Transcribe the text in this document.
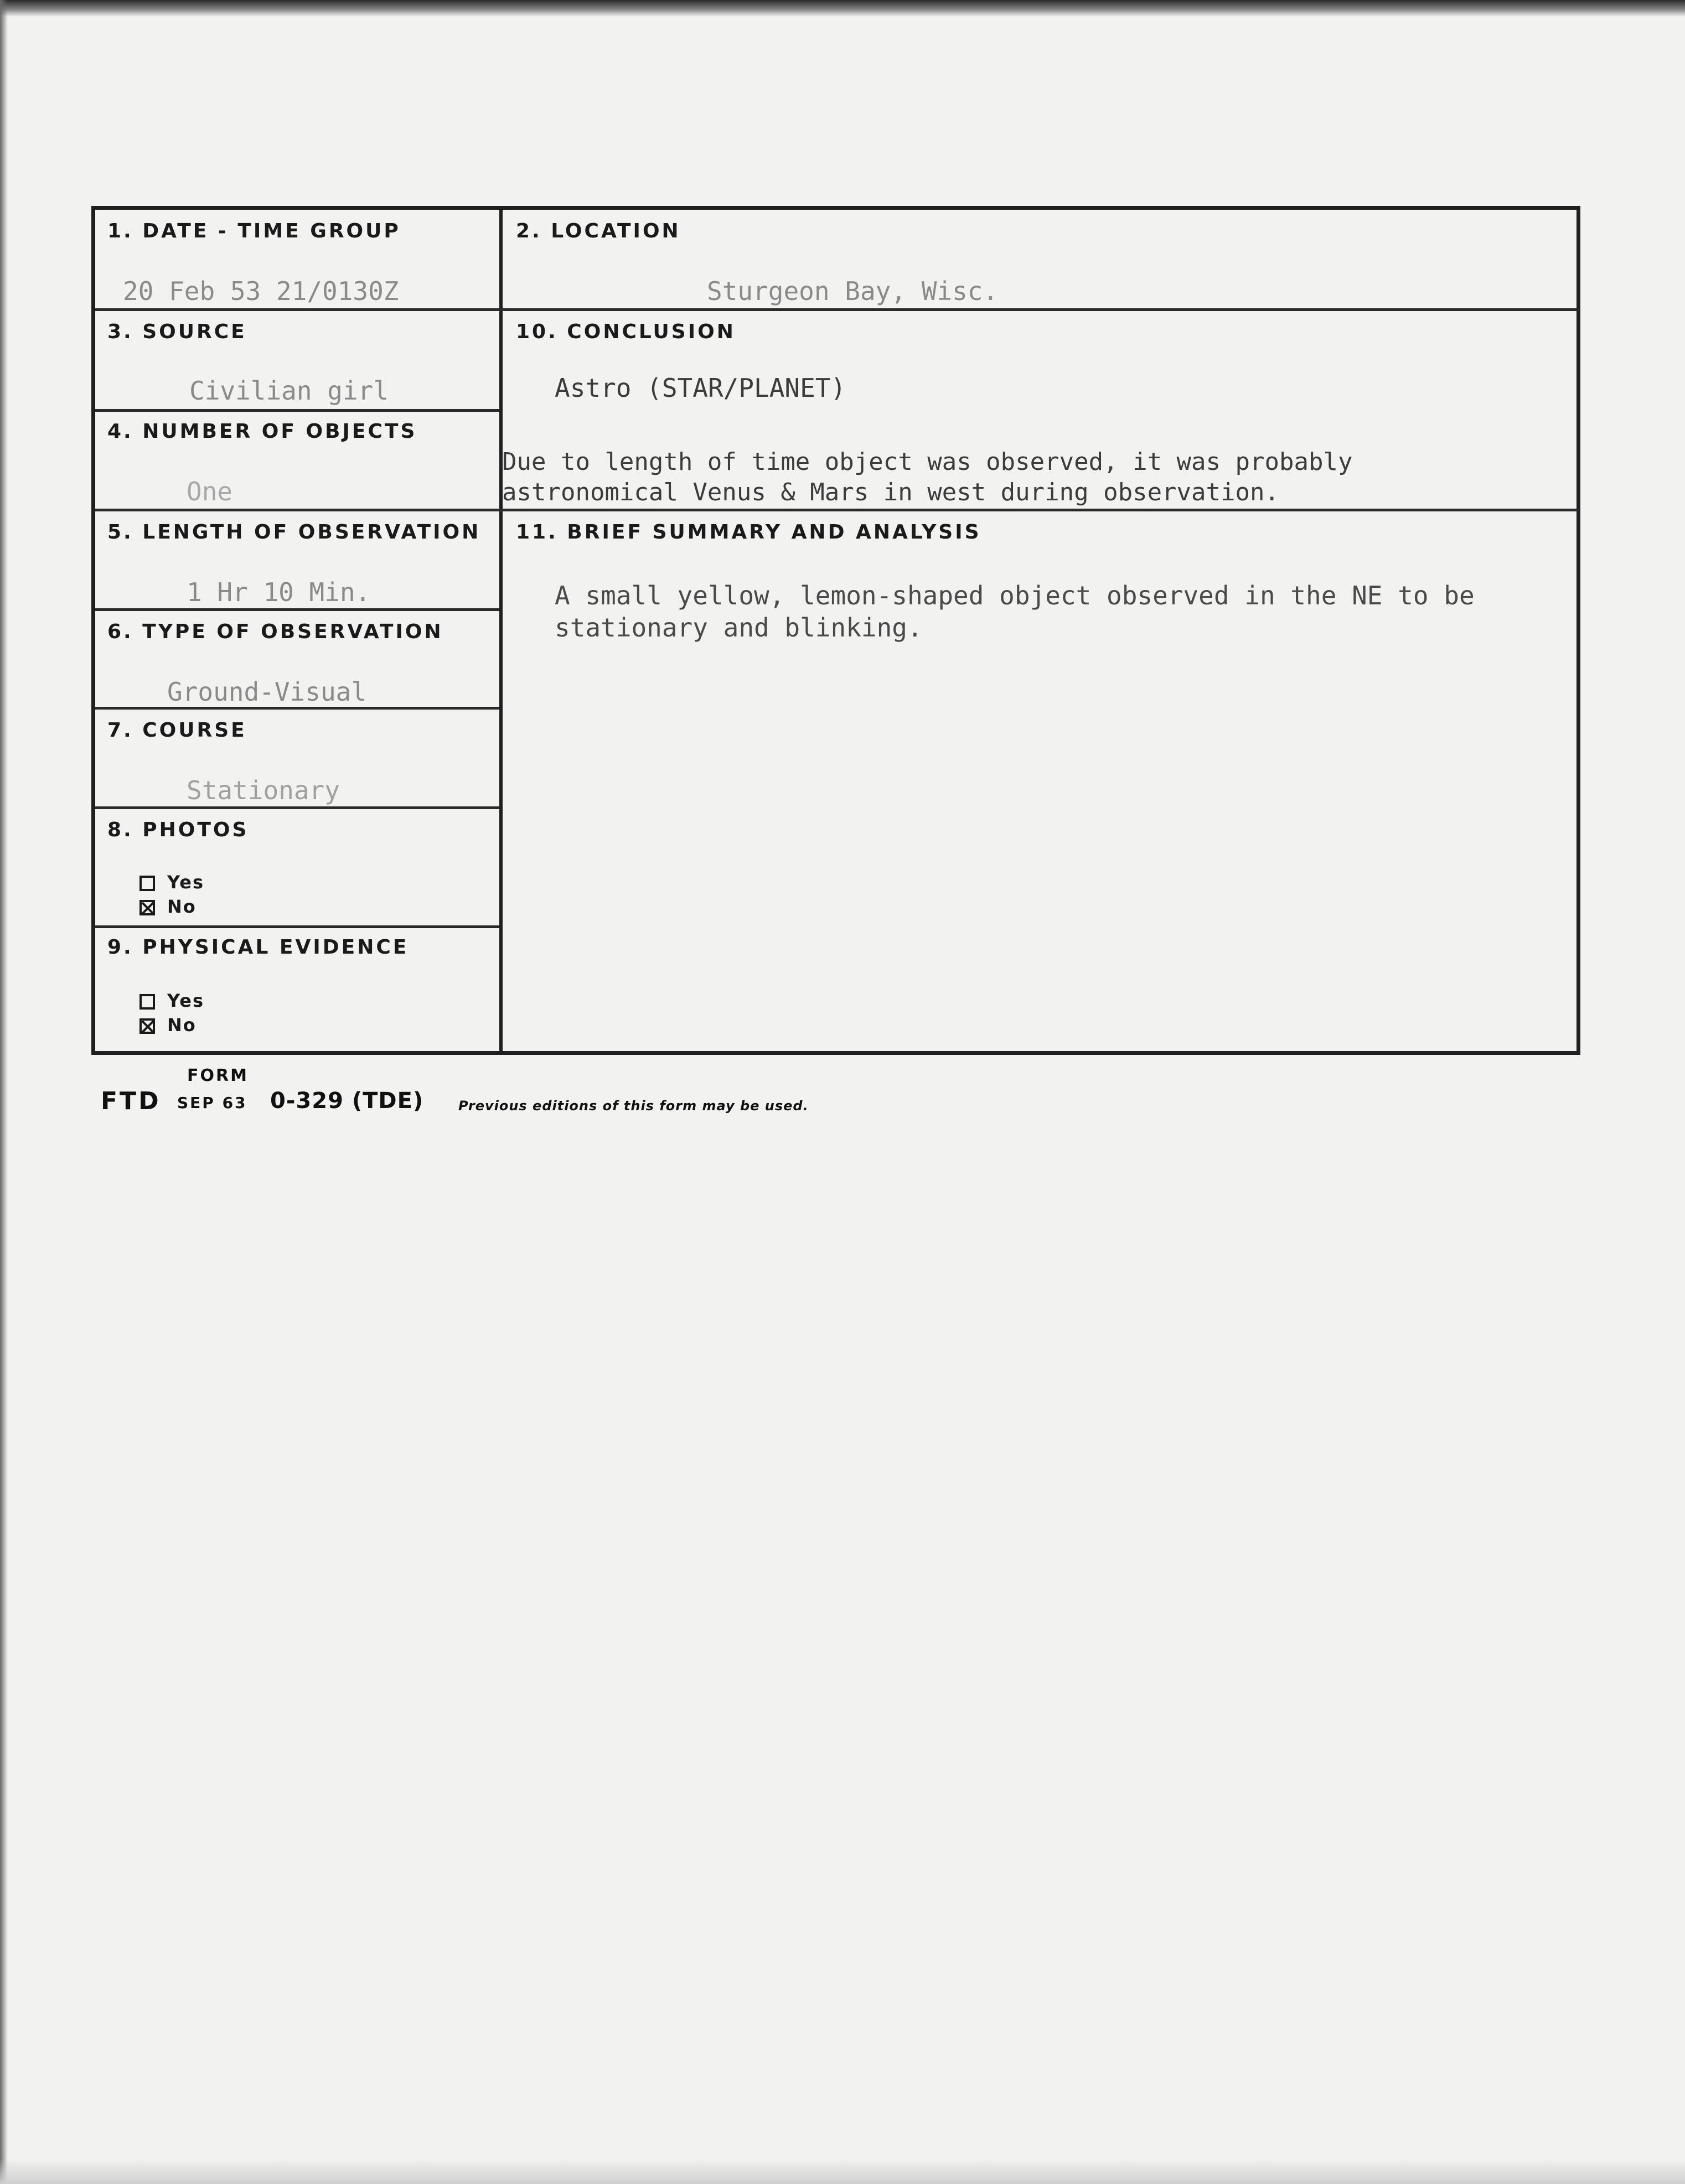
1. DATE - TIME GROUP
20 Feb 53 21/0130Z
2. LOCATION
Sturgeon Bay, Wisc.
3. SOURCE
Civilian girl
10. CONCLUSION
Astro (STAR/PLANET)
Due to length of time object was observed, it was probably
astronomical Venus & Mars in west during observation.
4. NUMBER OF OBJECTS
One
5. LENGTH OF OBSERVATION
1 Hr 10 Min.
11. BRIEF SUMMARY AND ANALYSIS
A small yellow, lemon-shaped object observed in the NE to be
stationary and blinking.
6. TYPE OF OBSERVATION
Ground-Visual
7. COURSE
Stationary
8. PHOTOS
Yes
No
9. PHYSICAL EVIDENCE
Yes
No
FORM
FTD SEP 63 0-329 (TDE)	Previous editions of this form may be used.
